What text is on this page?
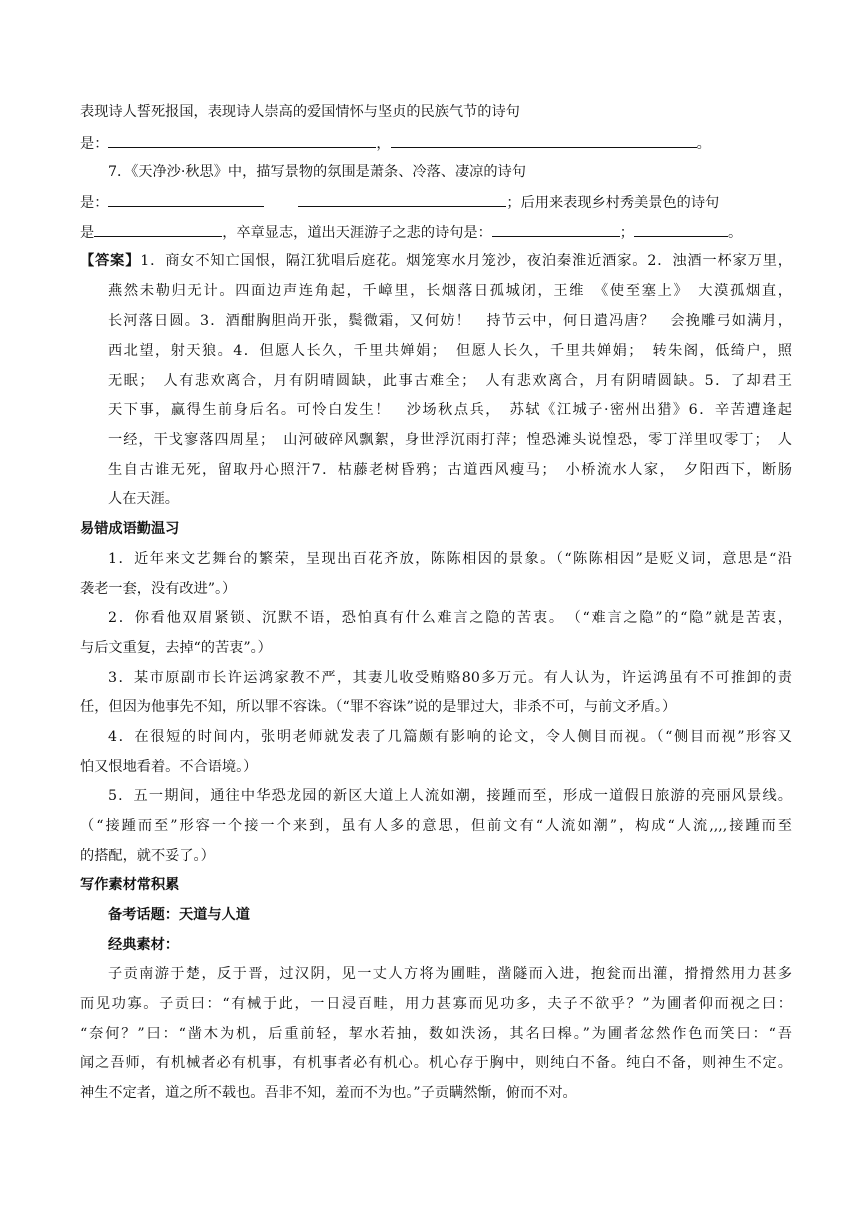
表现诗人誓死报国，表现诗人崇高的爱国情怀与坚贞的民族气节的诗句
是：	，	。
7．《天净沙·秋思》中，描写景物的氛围是萧条、冷落、凄凉的诗句
是：	；后用来表现乡村秀美景色的诗句
是	，卒章显志，道出天涯游子之悲的诗句是：	；	。
【答案】1．商女不知亡国恨，隔江犹唱后庭花。烟笼寒水月笼沙，夜泊秦淮近酒家。2．浊酒一杯家万里，
燕然未勒归无计。四面边声连角起，千嶂里，长烟落日孤城闭，王维　《使至塞上》　大漠孤烟直，
长河落日圆。3．酒酣胸胆尚开张，鬓微霜，又何妨！　持节云中，何日遣冯唐？　会挽雕弓如满月，
西北望，射天狼。4．但愿人长久，千里共婵娟；　但愿人长久，千里共婵娟；　转朱阁，低绮户，照
无眠；　人有悲欢离合，月有阴晴圆缺，此事古难全；　人有悲欢离合，月有阴晴圆缺。5．了却君王
天下事，赢得生前身后名。可怜白发生！　沙场秋点兵，　苏轼《江城子·密州出猎》6．辛苦遭逢起
一经，干戈寥落四周星；　山河破碎风飘絮，身世浮沉雨打萍；惶恐滩头说惶恐，零丁洋里叹零丁；　人
生自古谁无死，留取丹心照汗7．枯藤老树昏鸦；古道西风瘦马；　小桥流水人家，　夕阳西下，断肠
人在天涯。
易错成语勤温习
1．近年来文艺舞台的繁荣，呈现出百花齐放，陈陈相因的景象。（“陈陈相因”是贬义词，意思是“沿
袭老一套，没有改进”。）
2．你看他双眉紧锁、沉默不语，恐怕真有什么难言之隐的苦衷。　（“难言之隐”的“隐”就是苦衷，
与后文重复，去掉“的苦衷”。）
3．某市原副市长许运鸿家教不严，其妻儿收受贿赂80多万元。有人认为，许运鸿虽有不可推卸的责
任，但因为他事先不知，所以罪不容诛。（“罪不容诛”说的是罪过大，非杀不可，与前文矛盾。）
4．在很短的时间内，张明老师就发表了几篇颇有影响的论文，令人侧目而视。（“侧目而视”形容又
怕又恨地看着。不合语境。）
5．五一期间，通往中华恐龙园的新区大道上人流如潮，接踵而至，形成一道假日旅游的亮丽风景线。
（“接踵而至”形容一个接一个来到，虽有人多的意思，但前文有“人流如潮”，构成“人流,,,,接踵而至
的搭配，就不妥了。）
写作素材常积累
备考话题：天道与人道
经典素材：
子贡南游于楚，反于晋，过汉阴，见一丈人方将为圃畦，凿隧而入进，抱瓮而出灌，搰搰然用力甚多
而见功寡。子贡曰：“有械于此，一日浸百畦，用力甚寡而见功多，夫子不欲乎？”为圃者仰而视之曰：
“奈何？”曰：“凿木为机，后重前轻，挈水若抽，数如泆汤，其名曰槔。”为圃者忿然作色而笑曰：“吾
闻之吾师，有机械者必有机事，有机事者必有机心。机心存于胸中，则纯白不备。纯白不备，则神生不定。
神生不定者，道之所不载也。吾非不知，羞而不为也。”子贡瞒然惭，俯而不对。
